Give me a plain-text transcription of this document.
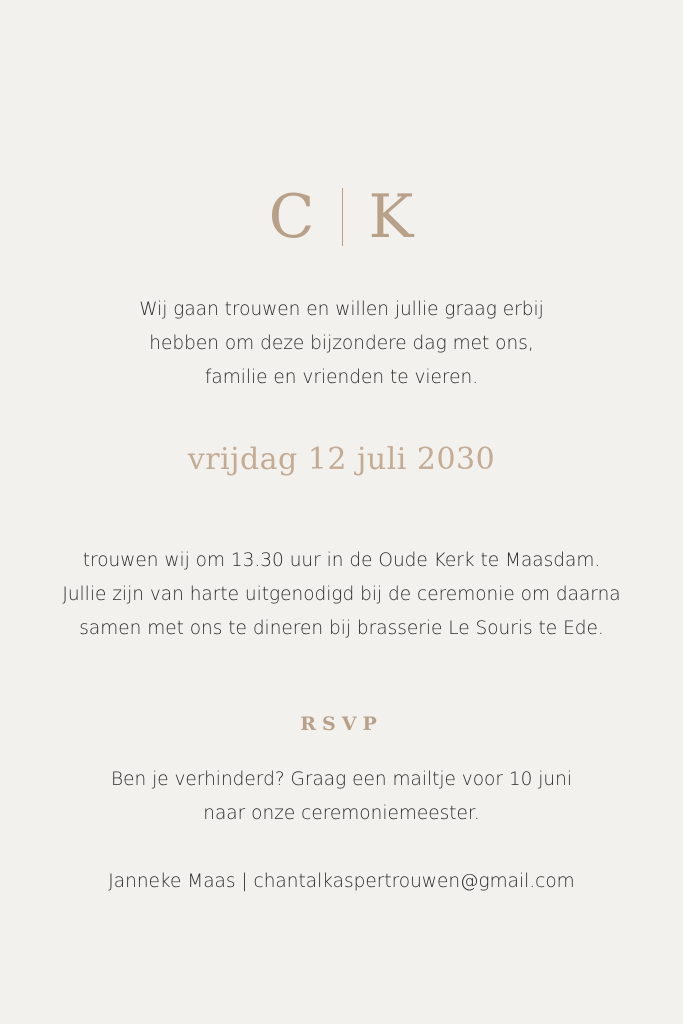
C K
Wij gaan trouwen en willen jullie graag erbij
hebben om deze bijzondere dag met ons,
familie en vrienden te vieren.
vrijdag 12 juli 2030
trouwen wij om 13.30 uur in de Oude Kerk te Maasdam.
Jullie zijn van harte uitgenodigd bij de ceremonie om daarna
samen met ons te dineren bij brasserie Le Souris te Ede.
RSVP
Ben je verhinderd? Graag een mailtje voor 10 juni
naar onze ceremoniemeester.
Janneke Maas | chantalkaspertrouwen@gmail.com
